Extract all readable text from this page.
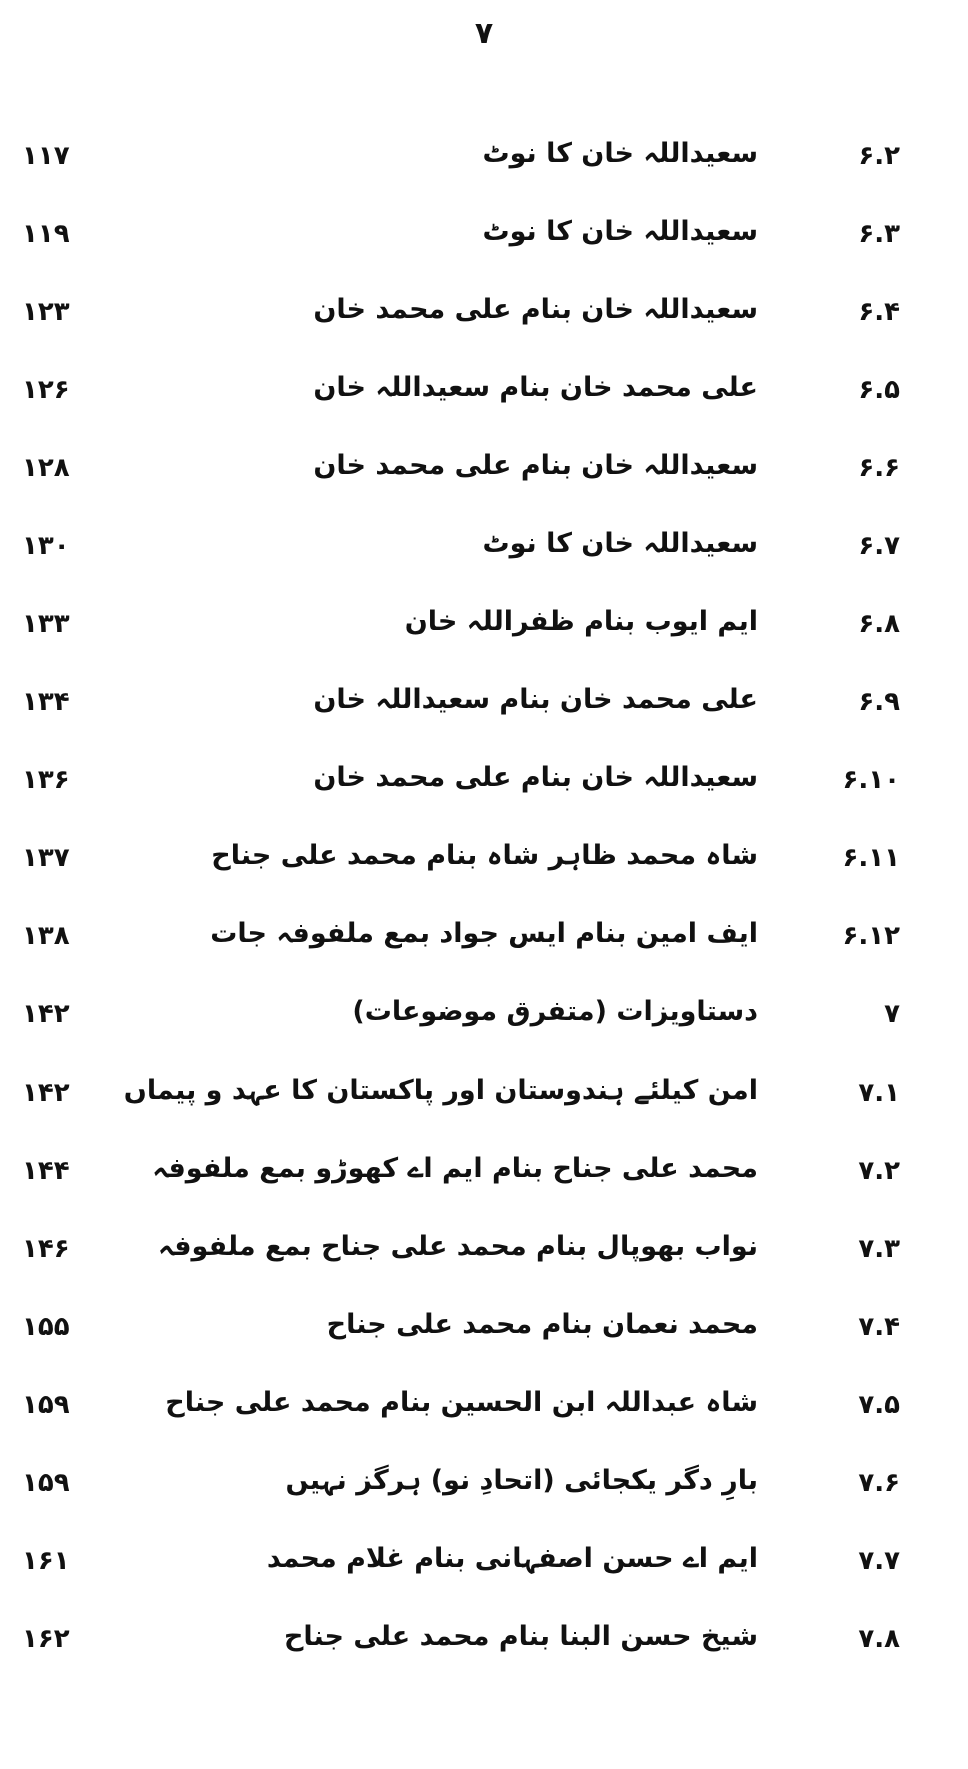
۷
۶.۲
سعیداللہ خان کا نوٹ
۱۱۷
۶.۳
سعیداللہ خان کا نوٹ
۱۱۹
۶.۴
سعیداللہ خان بنام علی محمد خان
۱۲۳
۶.۵
علی محمد خان بنام سعیداللہ خان
۱۲۶
۶.۶
سعیداللہ خان بنام علی محمد خان
۱۲۸
۶.۷
سعیداللہ خان کا نوٹ
۱۳۰
۶.۸
ایم ایوب بنام ظفراللہ خان
۱۳۳
۶.۹
علی محمد خان بنام سعیداللہ خان
۱۳۴
۶.۱۰
سعیداللہ خان بنام علی محمد خان
۱۳۶
۶.۱۱
شاہ محمد ظاہر شاہ بنام محمد علی جناح
۱۳۷
۶.۱۲
ایف امین بنام ایس جواد بمع ملفوفہ جات
۱۳۸
۷
دستاویزات (متفرق موضوعات)
۱۴۲
۷.۱
امن کیلئے ہندوستان اور پاکستان کا عہد و پیماں
۱۴۲
۷.۲
محمد علی جناح بنام ایم اے کھوڑو بمع ملفوفہ
۱۴۴
۷.۳
نواب بھوپال بنام محمد علی جناح بمع ملفوفہ
۱۴۶
۷.۴
محمد نعمان بنام محمد علی جناح
۱۵۵
۷.۵
شاہ عبداللہ ابن الحسین بنام محمد علی جناح
۱۵۹
۷.۶
بارِ دگر یکجائی (اتحادِ نو) ہرگز نہیں
۱۵۹
۷.۷
ایم اے حسن اصفہانی بنام غلام محمد
۱۶۱
۷.۸
شیخ حسن البنا بنام محمد علی جناح
۱۶۲
